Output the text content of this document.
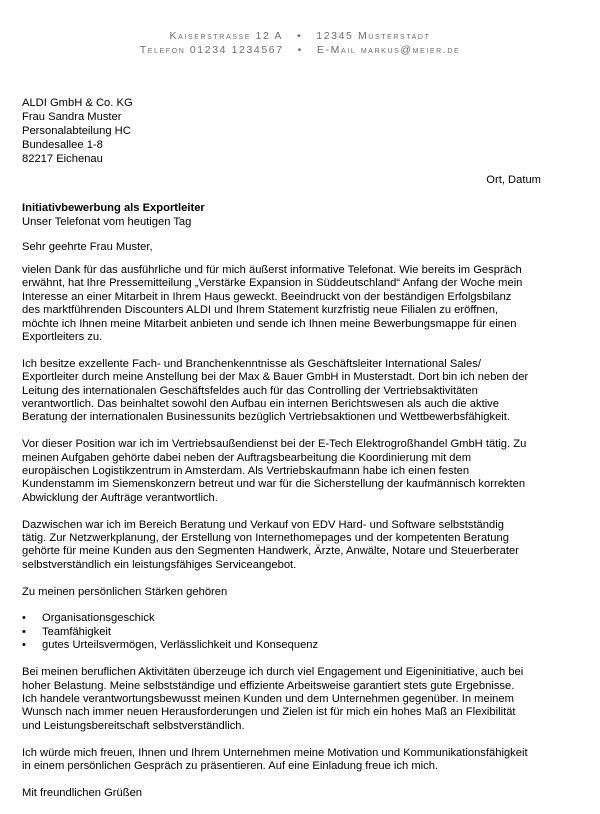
Kaiserstrasse 12 A • 12345 Musterstadt
Telefon 01234 1234567 • E-Mail markus@meier.de
ALDI GmbH & Co. KG
Frau Sandra Muster
Personalabteilung HC
Bundesallee 1-8
82217 Eichenau
Ort, Datum
Initiativbewerbung als Exportleiter
Unser Telefonat vom heutigen Tag
Sehr geehrte Frau Muster,

vielen Dank für das ausführliche und für mich äußerst informative Telefonat. Wie bereits im Gespräch
erwähnt, hat Ihre Pressemitteilung „Verstärke Expansion in Süddeutschland“ Anfang der Woche mein
Interesse an einer Mitarbeit in Ihrem Haus geweckt. Beeindruckt von der beständigen Erfolgsbilanz
des marktführenden Discounters ALDI und Ihrem Statement kurzfristig neue Filialen zu eröffnen,
möchte ich Ihnen meine Mitarbeit anbieten und sende ich Ihnen meine Bewerbungsmappe für einen
Exportleiters zu.

Ich besitze exzellente Fach- und Branchenkenntnisse als Geschäftsleiter International Sales/
Exportleiter durch meine Anstellung bei der Max & Bauer GmbH in Musterstadt. Dort bin ich neben der
Leitung des internationalen Geschäftsfeldes auch für das Controlling der Vertriebsaktivitäten
verantwortlich. Das beinhaltet sowohl den Aufbau ein internen Berichtswesen als auch die aktive
Beratung der internationalen Businessunits bezüglich Vertriebsaktionen und Wettbewerbsfähigkeit.

Vor dieser Position war ich im Vertriebsaußendienst bei der E-Tech Elektrogroßhandel GmbH tätig. Zu
meinen Aufgaben gehörte dabei neben der Auftragsbearbeitung die Koordinierung mit dem
europäischen Logistikzentrum in Amsterdam. Als Vertriebskaufmann habe ich einen festen
Kundenstamm im Siemenskonzern betreut und war für die Sicherstellung der kaufmännisch korrekten
Abwicklung der Aufträge verantwortlich.

Dazwischen war ich im Bereich Beratung und Verkauf von EDV Hard- und Software selbstständig
tätig. Zur Netzwerkplanung, der Erstellung von Internethomepages und der kompetenten Beratung
gehörte für meine Kunden aus den Segmenten Handwerk, Ärzte, Anwälte, Notare und Steuerberater
selbstverständlich ein leistungsfähiges Serviceangebot.

Zu meinen persönlichen Stärken gehören

• Organisationsgeschick
• Teamfähigkeit
• gutes Urteilsvermögen, Verlässlichkeit und Konsequenz

Bei meinen beruflichen Aktivitäten überzeuge ich durch viel Engagement und Eigeninitiative, auch bei
hoher Belastung. Meine selbstständige und effiziente Arbeitsweise garantiert stets gute Ergebnisse.
Ich handele verantwortungsbewusst meinen Kunden und dem Unternehmen gegenüber. In meinem
Wunsch nach immer neuen Herausforderungen und Zielen ist für mich ein hohes Maß an Flexibilität
und Leistungsbereitschaft selbstverständlich.

Ich würde mich freuen, Ihnen und Ihrem Unternehmen meine Motivation und Kommunikationsfähigkeit
in einem persönlichen Gespräch zu präsentieren. Auf eine Einladung freue ich mich.

Mit freundlichen Grüßen
